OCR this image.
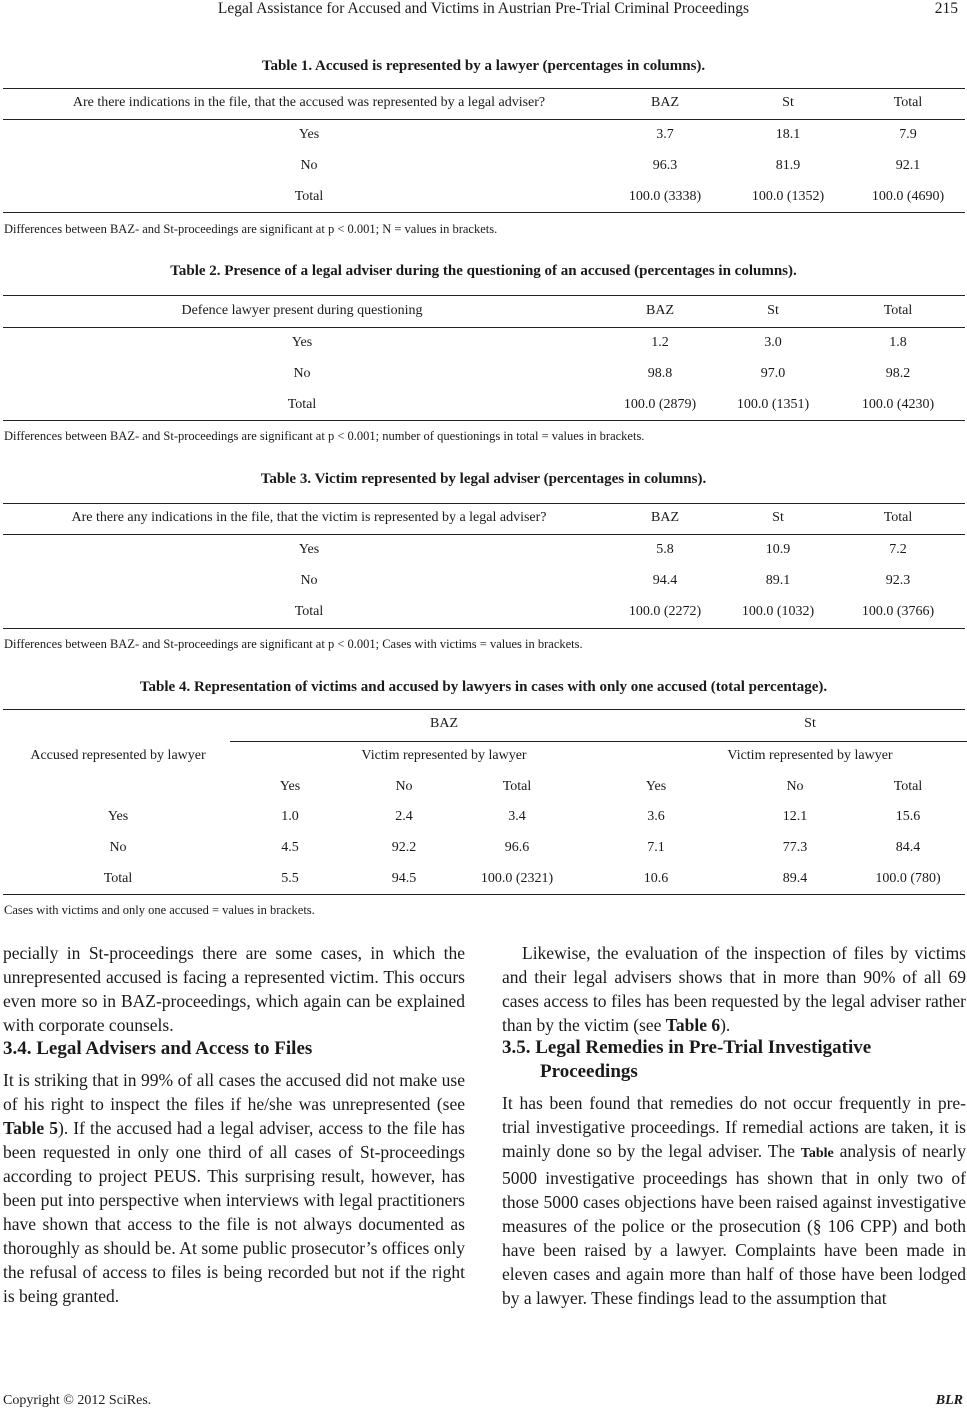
Legal Assistance for Accused and Victims in Austrian Pre-Trial Criminal Proceedings	215
Table 1. Accused is represented by a lawyer (percentages in columns).
Are there indications in the file, that the accused was represented by a legal adviser?	BAZ	St	Total
Yes	3.7	18.1	7.9
No	96.3	81.9	92.1
Total	100.0 (3338)	100.0 (1352)	100.0 (4690)
Differences between BAZ- and St-proceedings are significant at p < 0.001; N = values in brackets.
Table 2. Presence of a legal adviser during the questioning of an accused (percentages in columns).
Defence lawyer present during questioning	BAZ	St	Total
Yes	1.2	3.0	1.8
No	98.8	97.0	98.2
Total	100.0 (2879)	100.0 (1351)	100.0 (4230)
Differences between BAZ- and St-proceedings are significant at p < 0.001; number of questionings in total = values in brackets.
Table 3. Victim represented by legal adviser (percentages in columns).
Are there any indications in the file, that the victim is represented by a legal adviser?	BAZ	St	Total
Yes	5.8	10.9	7.2
No	94.4	89.1	92.3
Total	100.0 (2272)	100.0 (1032)	100.0 (3766)
Differences between BAZ- and St-proceedings are significant at p < 0.001; Cases with victims = values in brackets.
Table 4. Representation of victims and accused by lawyers in cases with only one accused (total percentage).
BAZ	St
Accused represented by lawyer	Victim represented by lawyer	Victim represented by lawyer
Yes	No	Total	Yes	No	Total
Yes	1.0	2.4	3.4	3.6	12.1	15.6
No	4.5	92.2	96.6	7.1	77.3	84.4
Total	5.5	94.5	100.0 (2321)	10.6	89.4	100.0 (780)
Cases with victims and only one accused = values in brackets.

pecially in St-proceedings there are some cases, in which the unrepresented accused is facing a represented victim. This occurs even more so in BAZ-proceedings, which again can be explained with corporate counsels.

3.4. Legal Advisers and Access to Files

It is striking that in 99% of all cases the accused did not make use of his right to inspect the files if he/she was unrepresented (see Table 5). If the accused had a legal adviser, access to the file has been requested in only one third of all cases of St-proceedings according to project PEUS. This surprising result, however, has been put into perspective when interviews with legal practitioners have shown that access to the file is not always documented as thoroughly as should be. At some public prosecutor’s offices only the refusal of access to files is being recorded but not if the right is being granted.

Likewise, the evaluation of the inspection of files by victims and their legal advisers shows that in more than 90% of all 69 cases access to files has been requested by the legal adviser rather than by the victim (see Table 6).

3.5. Legal Remedies in Pre-Trial Investigative
Proceedings

It has been found that remedies do not occur frequently in pre-trial investigative proceedings. If remedial actions are taken, it is mainly done so by the legal adviser. The Table analysis of nearly 5000 investigative proceedings has shown that in only two of those 5000 cases objections have been raised against investigative measures of the police or the prosecution (§ 106 CPP) and both have been raised by a lawyer. Complaints have been made in eleven cases and again more than half of those have been lodged by a lawyer. These findings lead to the assumption that

Copyright © 2012 SciRes.	BLR
